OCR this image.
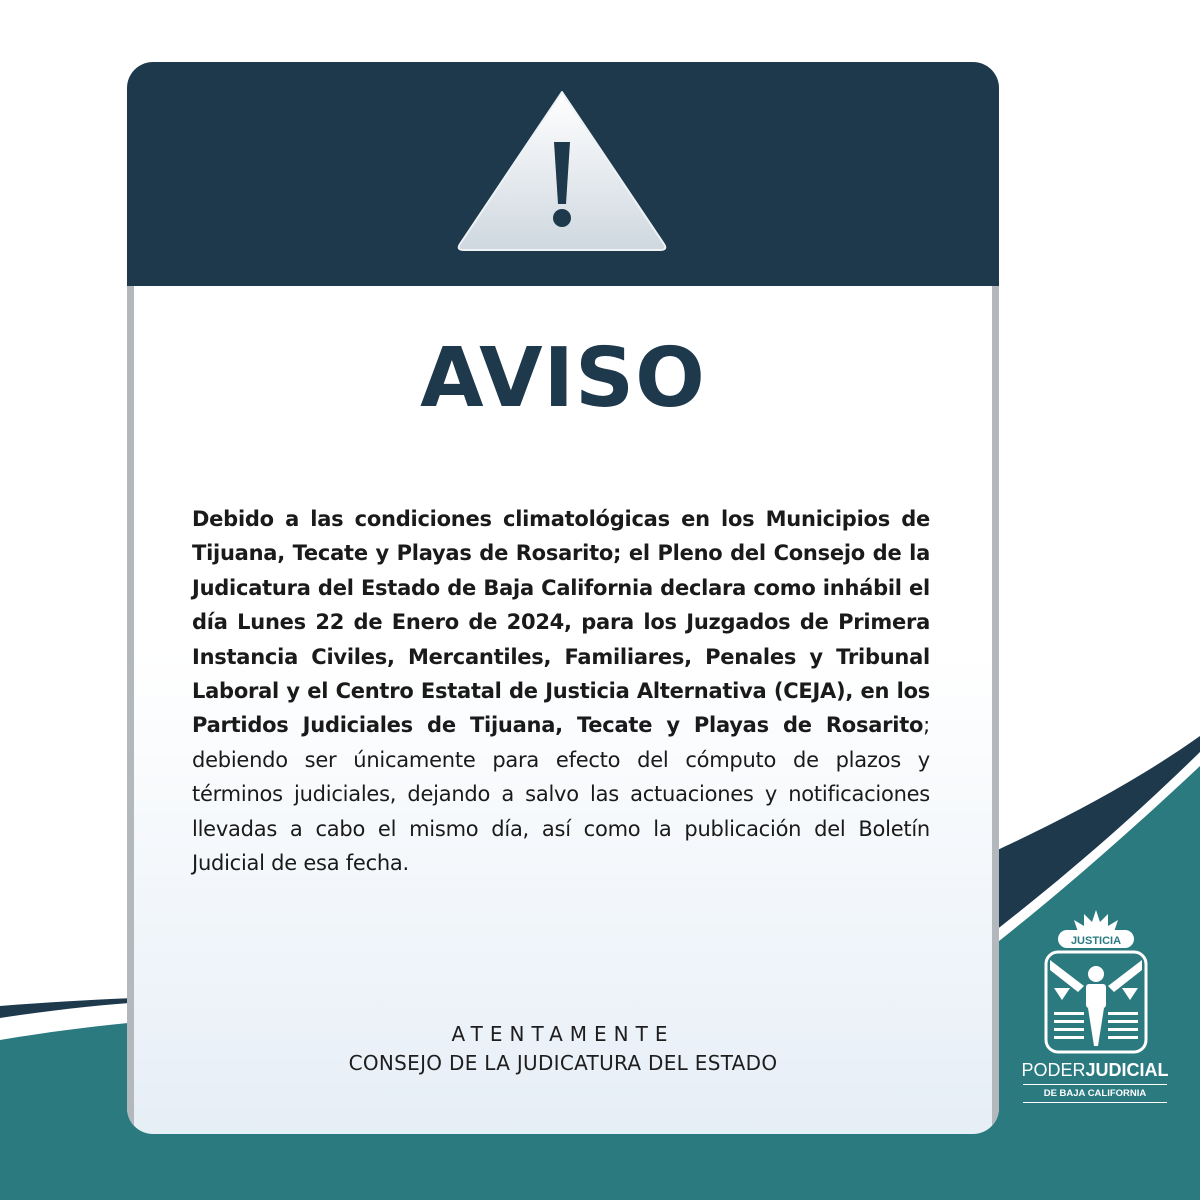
AVISO

Debido a las condiciones climatológicas en los Municipios de Tijuana, Tecate y Playas de Rosarito; el Pleno del Consejo de la Judicatura del Estado de Baja California declara como inhábil el día Lunes 22 de Enero de 2024, para los Juzgados de Primera Instancia Civiles, Mercantiles, Familiares, Penales y Tribunal Laboral y el Centro Estatal de Justicia Alternativa (CEJA), en los Partidos Judiciales de Tijuana, Tecate y Playas de Rosarito; debiendo ser únicamente para efecto del cómputo de plazos y términos judiciales, dejando a salvo las actuaciones y notificaciones llevadas a cabo el mismo día, así como la publicación del Boletín Judicial de esa fecha.

ATENTAMENTE

CONSEJO DE LA JUDICATURA DEL ESTADO

JUSTICIA
PODERJUDICIAL
DE BAJA CALIFORNIA
